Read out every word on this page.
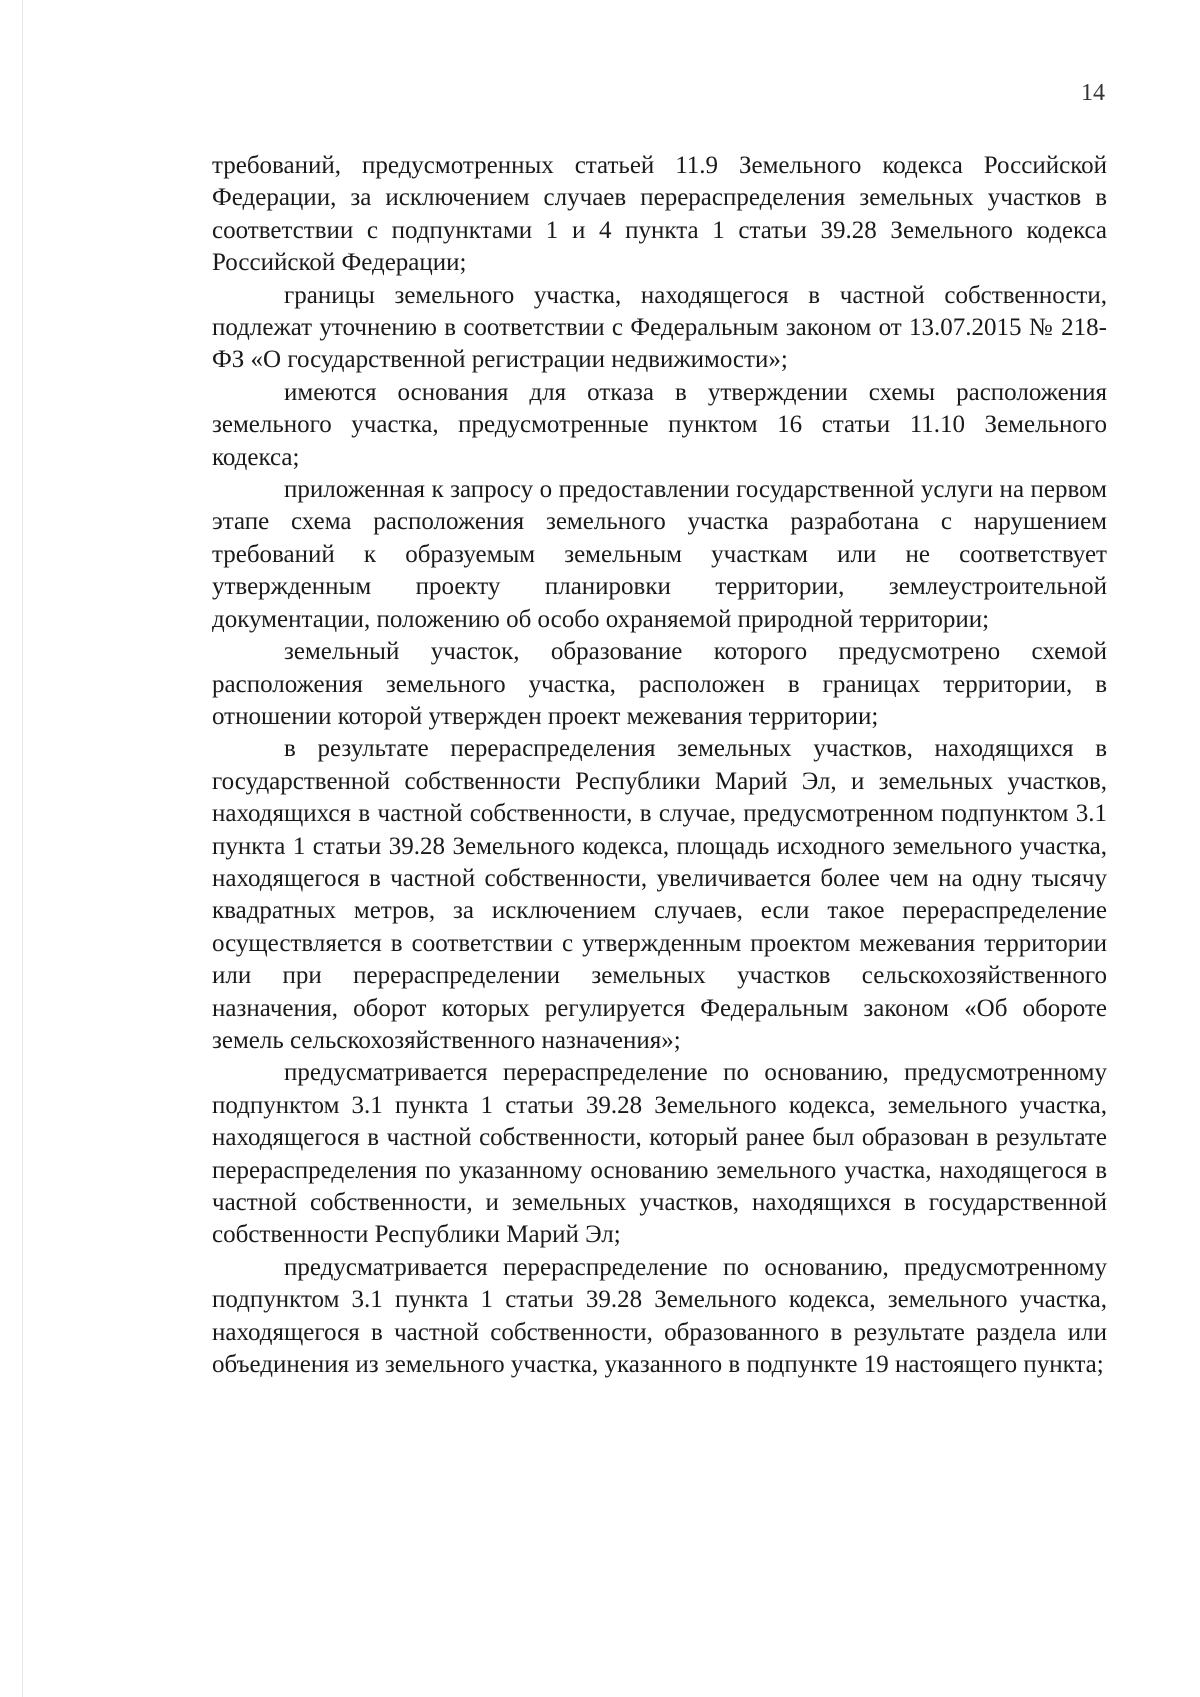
14

требований, предусмотренных статьей 11.9 Земельного кодекса Российской Федерации, за исключением случаев перераспределения земельных участков в соответствии с подпунктами 1 и 4 пункта 1 статьи 39.28 Земельного кодекса Российской Федерации;

границы земельного участка, находящегося в частной собственности, подлежат уточнению в соответствии с Федеральным законом от 13.07.2015 № 218-ФЗ «О государственной регистрации недвижимости»;

имеются основания для отказа в утверждении схемы расположения земельного участка, предусмотренные пунктом 16 статьи 11.10 Земельного кодекса;

приложенная к запросу о предоставлении государственной услуги на первом этапе схема расположения земельного участка разработана с нарушением требований к образуемым земельным участкам или не соответствует утвержденным проекту планировки территории, землеустроительной документации, положению об особо охраняемой природной территории;

земельный участок, образование которого предусмотрено схемой расположения земельного участка, расположен в границах территории, в отношении которой утвержден проект межевания территории;

в результате перераспределения земельных участков, находящихся в государственной собственности Республики Марий Эл, и земельных участков, находящихся в частной собственности, в случае, предусмотренном подпунктом 3.1 пункта 1 статьи 39.28 Земельного кодекса, площадь исходного земельного участка, находящегося в частной собственности, увеличивается более чем на одну тысячу квадратных метров, за исключением случаев, если такое перераспределение осуществляется в соответствии с утвержденным проектом межевания территории или при перераспределении земельных участков сельскохозяйственного назначения, оборот которых регулируется Федеральным законом «Об обороте земель сельскохозяйственного назначения»;

предусматривается перераспределение по основанию, предусмотренному подпунктом 3.1 пункта 1 статьи 39.28 Земельного кодекса, земельного участка, находящегося в частной собственности, который ранее был образован в результате перераспределения по указанному основанию земельного участка, находящегося в частной собственности, и земельных участков, находящихся в государственной собственности Республики Марий Эл;

предусматривается перераспределение по основанию, предусмотренному подпунктом 3.1 пункта 1 статьи 39.28 Земельного кодекса, земельного участка, находящегося в частной собственности, образованного в результате раздела или объединения из земельного участка, указанного в подпункте 19 настоящего пункта;
